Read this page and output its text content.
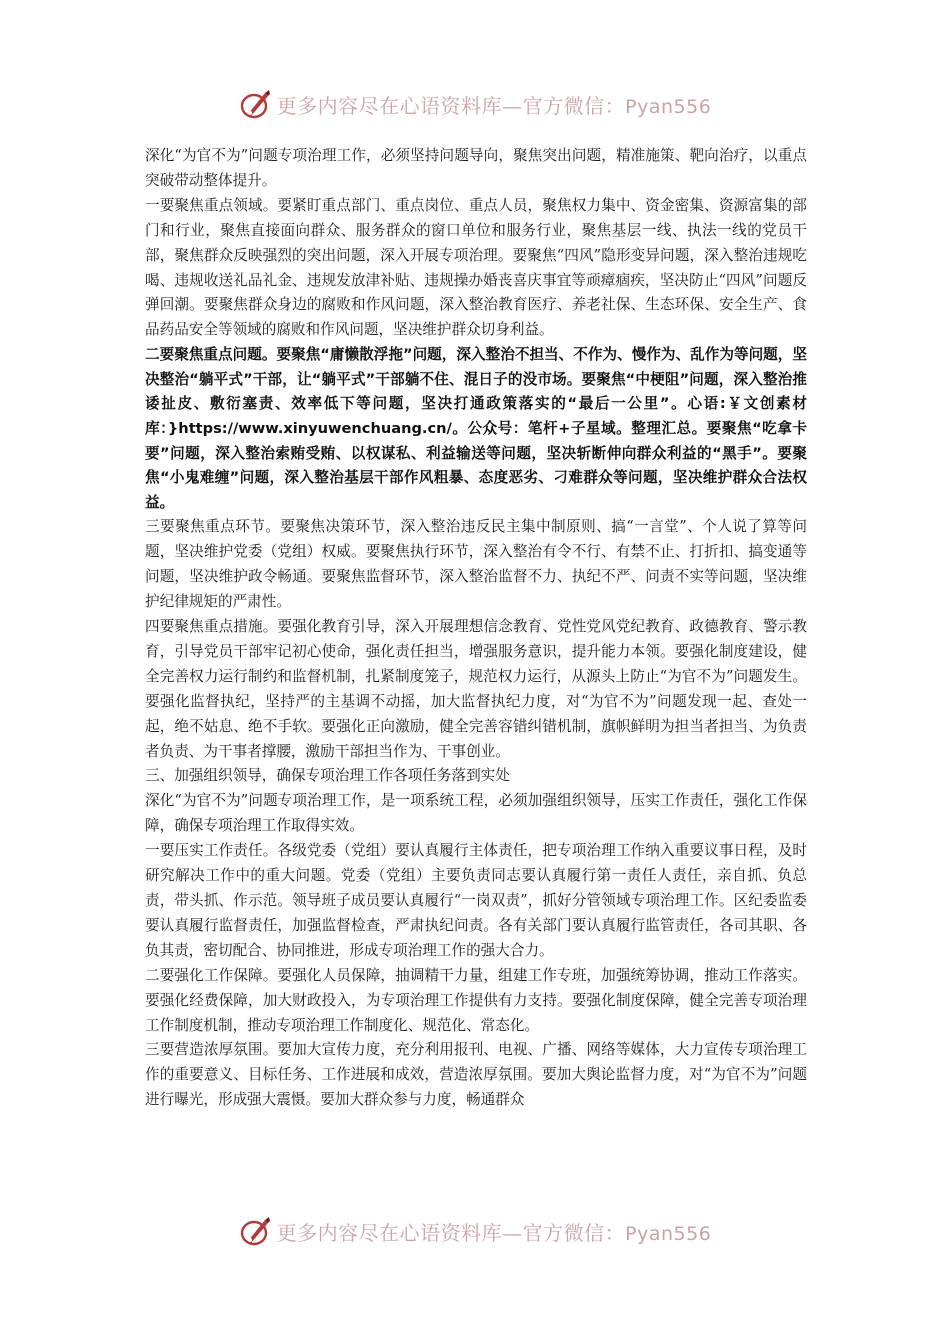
更多内容尽在心语资料库—官方微信：Pyan556

深化“为官不为”问题专项治理工作，必须坚持问题导向，聚焦突出问题，精准施策、靶向治疗，以重点突破带动整体提升。

一要聚焦重点领域。要紧盯重点部门、重点岗位、重点人员，聚焦权力集中、资金密集、资源富集的部门和行业，聚焦直接面向群众、服务群众的窗口单位和服务行业，聚焦基层一线、执法一线的党员干部，聚焦群众反映强烈的突出问题，深入开展专项治理。要聚焦“四风”隐形变异问题，深入整治违规吃喝、违规收送礼品礼金、违规发放津补贴、违规操办婚丧喜庆事宜等顽瘴痼疾，坚决防止“四风”问题反弹回潮。要聚焦群众身边的腐败和作风问题，深入整治教育医疗、养老社保、生态环保、安全生产、食品药品安全等领域的腐败和作风问题，坚决维护群众切身利益。

二要聚焦重点问题。要聚焦“庸懒散浮拖”问题，深入整治不担当、不作为、慢作为、乱作为等问题，坚决整治“躺平式”干部，让“躺平式”干部躺不住、混日子的没市场。要聚焦“中梗阻”问题，深入整治推诿扯皮、敷衍塞责、效率低下等问题，坚决打通政策落实的“最后一公里”。心语:￥文创素材库：}https://www.xinyuwenchuang.cn/。公众号：笔杆+子星域。整理汇总。要聚焦“吃拿卡要”问题，深入整治索贿受贿、以权谋私、利益输送等问题，坚决斩断伸向群众利益的“黑手”。要聚焦“小鬼难缠”问题，深入整治基层干部作风粗暴、态度恶劣、刁难群众等问题，坚决维护群众合法权益。

三要聚焦重点环节。要聚焦决策环节，深入整治违反民主集中制原则、搞“一言堂”、个人说了算等问题，坚决维护党委（党组）权威。要聚焦执行环节，深入整治有令不行、有禁不止、打折扣、搞变通等问题，坚决维护政令畅通。要聚焦监督环节，深入整治监督不力、执纪不严、问责不实等问题，坚决维护纪律规矩的严肃性。

四要聚焦重点措施。要强化教育引导，深入开展理想信念教育、党性党风党纪教育、政德教育、警示教育，引导党员干部牢记初心使命，强化责任担当，增强服务意识，提升能力本领。要强化制度建设，健全完善权力运行制约和监督机制，扎紧制度笼子，规范权力运行，从源头上防止“为官不为”问题发生。要强化监督执纪，坚持严的主基调不动摇，加大监督执纪力度，对“为官不为”问题发现一起、查处一起，绝不姑息、绝不手软。要强化正向激励，健全完善容错纠错机制，旗帜鲜明为担当者担当、为负责者负责、为干事者撑腰，激励干部担当作为、干事创业。

三、加强组织领导，确保专项治理工作各项任务落到实处

深化“为官不为”问题专项治理工作，是一项系统工程，必须加强组织领导，压实工作责任，强化工作保障，确保专项治理工作取得实效。

一要压实工作责任。各级党委（党组）要认真履行主体责任，把专项治理工作纳入重要议事日程，及时研究解决工作中的重大问题。党委（党组）主要负责同志要认真履行第一责任人责任，亲自抓、负总责，带头抓、作示范。领导班子成员要认真履行“一岗双责”，抓好分管领域专项治理工作。区纪委监委要认真履行监督责任，加强监督检查，严肃执纪问责。各有关部门要认真履行监管责任，各司其职、各负其责，密切配合、协同推进，形成专项治理工作的强大合力。

二要强化工作保障。要强化人员保障，抽调精干力量，组建工作专班，加强统筹协调，推动工作落实。要强化经费保障，加大财政投入，为专项治理工作提供有力支持。要强化制度保障，健全完善专项治理工作制度机制，推动专项治理工作制度化、规范化、常态化。

三要营造浓厚氛围。要加大宣传力度，充分利用报刊、电视、广播、网络等媒体，大力宣传专项治理工作的重要意义、目标任务、工作进展和成效，营造浓厚氛围。要加大舆论监督力度，对“为官不为”问题进行曝光，形成强大震慑。要加大群众参与力度，畅通群众

更多内容尽在心语资料库—官方微信：Pyan556
